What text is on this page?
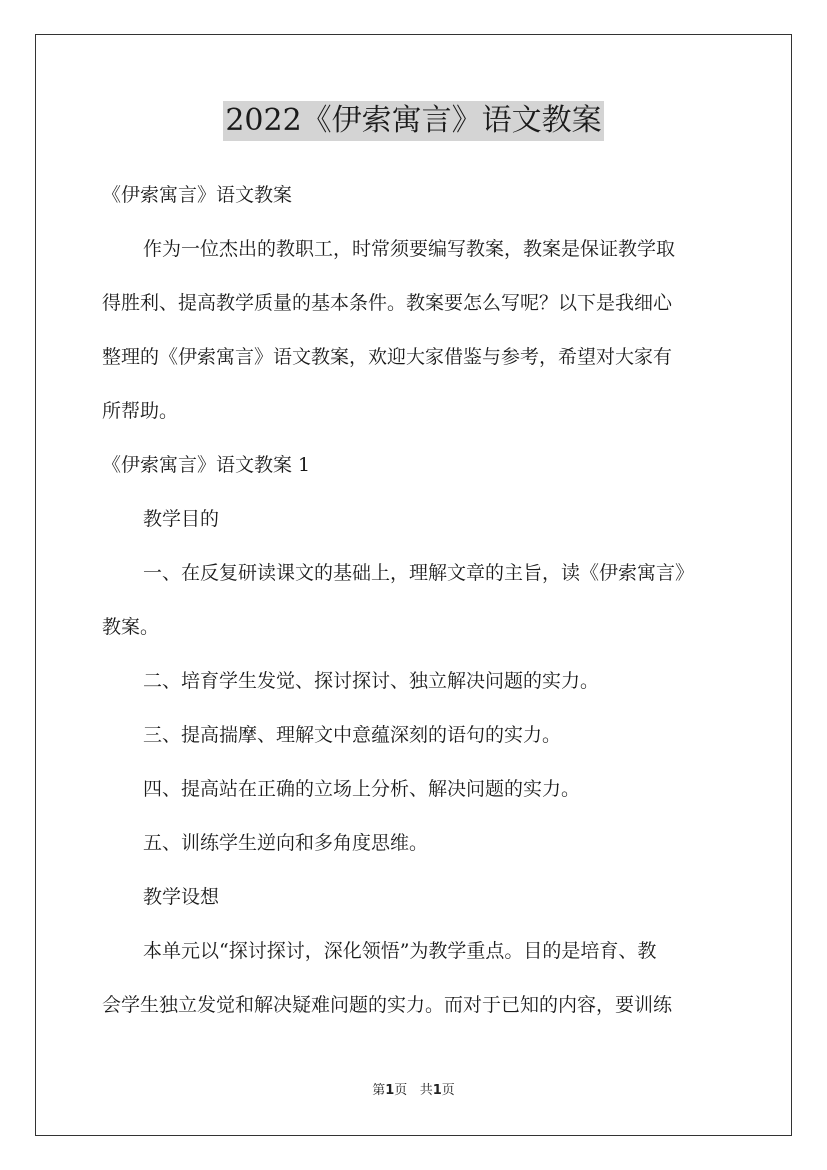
2022《伊索寓言》语文教案

《伊索寓言》语文教案

作为一位杰出的教职工，时常须要编写教案，教案是保证教学取

得胜利、提高教学质量的基本条件。教案要怎么写呢？以下是我细心

整理的《伊索寓言》语文教案，欢迎大家借鉴与参考，希望对大家有

所帮助。

《伊索寓言》语文教案 1

教学目的

一、在反复研读课文的基础上，理解文章的主旨，读《伊索寓言》

教案。

二、培育学生发觉、探讨探讨、独立解决问题的实力。

三、提高揣摩、理解文中意蕴深刻的语句的实力。

四、提高站在正确的立场上分析、解决问题的实力。

五、训练学生逆向和多角度思维。

教学设想

本单元以“探讨探讨，深化领悟”为教学重点。目的是培育、教

会学生独立发觉和解决疑难问题的实力。而对于已知的内容，要训练

第1页   共1页
